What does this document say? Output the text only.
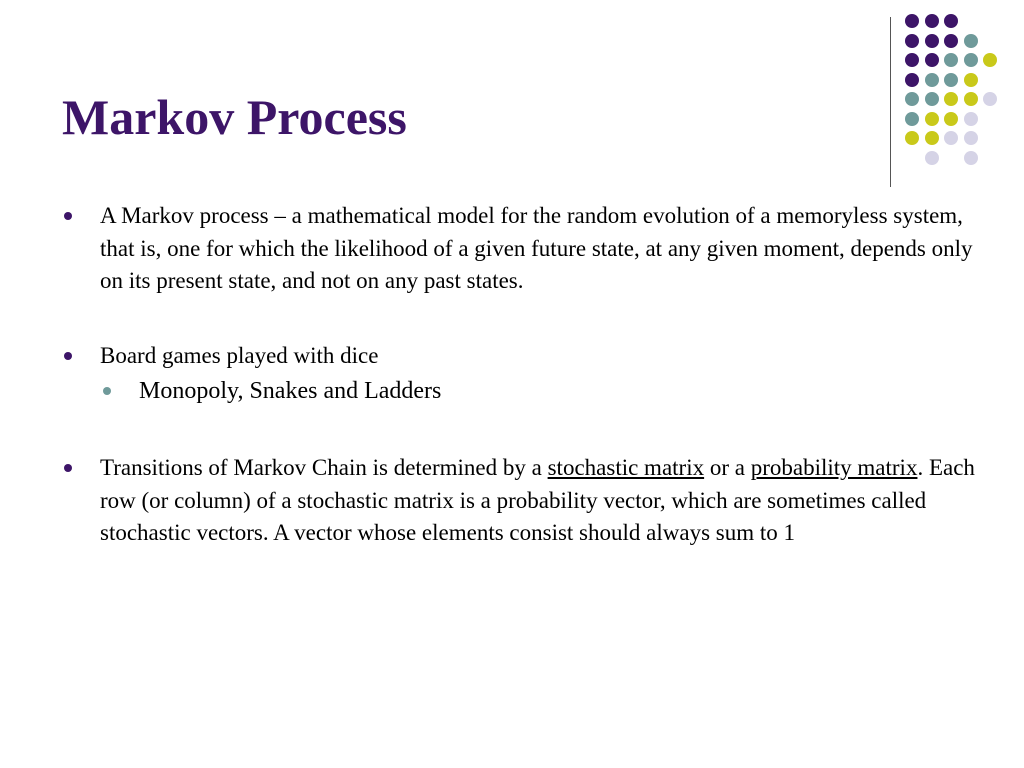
Markov Process

A Markov process – a mathematical model for the random evolution of a memoryless system, that is, one for which the likelihood of a given future state, at any given moment, depends only on its present state, and not on any past states.

Board games played with dice

Monopoly, Snakes and Ladders

Transitions of Markov Chain is determined by a stochastic matrix or a probability matrix. Each row (or column) of a stochastic matrix is a probability vector, which are sometimes called stochastic vectors. A vector whose elements consist should always sum to 1
